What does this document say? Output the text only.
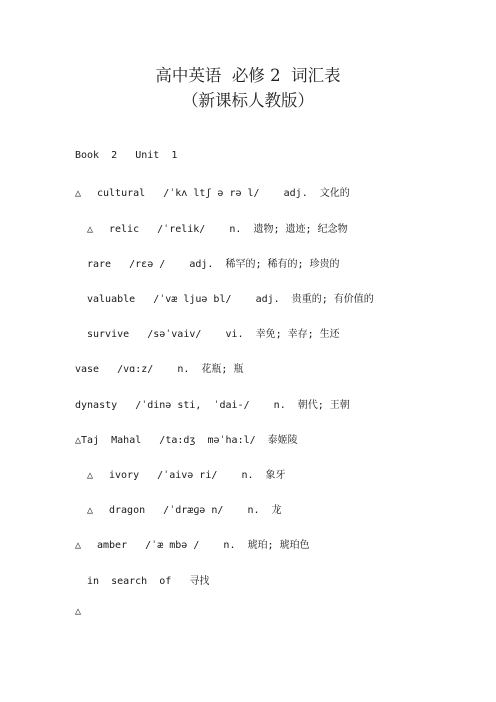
高中英语  必修 2  词汇表
（新课标人教版）
Book  2   Unit  1
△ cultural   /ˈkʌ ltʃ ə rə l/    adj.  文化的
△ relic   /ˈrelik/    n.  遗物; 遗迹; 纪念物
rare   /rɛə /    adj.  稀罕的; 稀有的; 珍贵的
valuable   /ˈvæ ljuə bl/    adj.  贵重的; 有价值的
survive   /səˈvaiv/    vi.  幸免; 幸存; 生还
vase   /vɑ:z/    n.  花瓶; 瓶
dynasty   /ˈdinə sti,  ˈdai-/    n.  朝代; 王朝
△Taj  Mahal   /ta:dʒ  məˈha:l/  泰姬陵
△ ivory   /ˈaivə ri/    n.  象牙
△ dragon   /ˈdræɡə n/    n.  龙
△ amber   /ˈæ mbə /    n.  琥珀; 琥珀色
in  search  of   寻找
△
